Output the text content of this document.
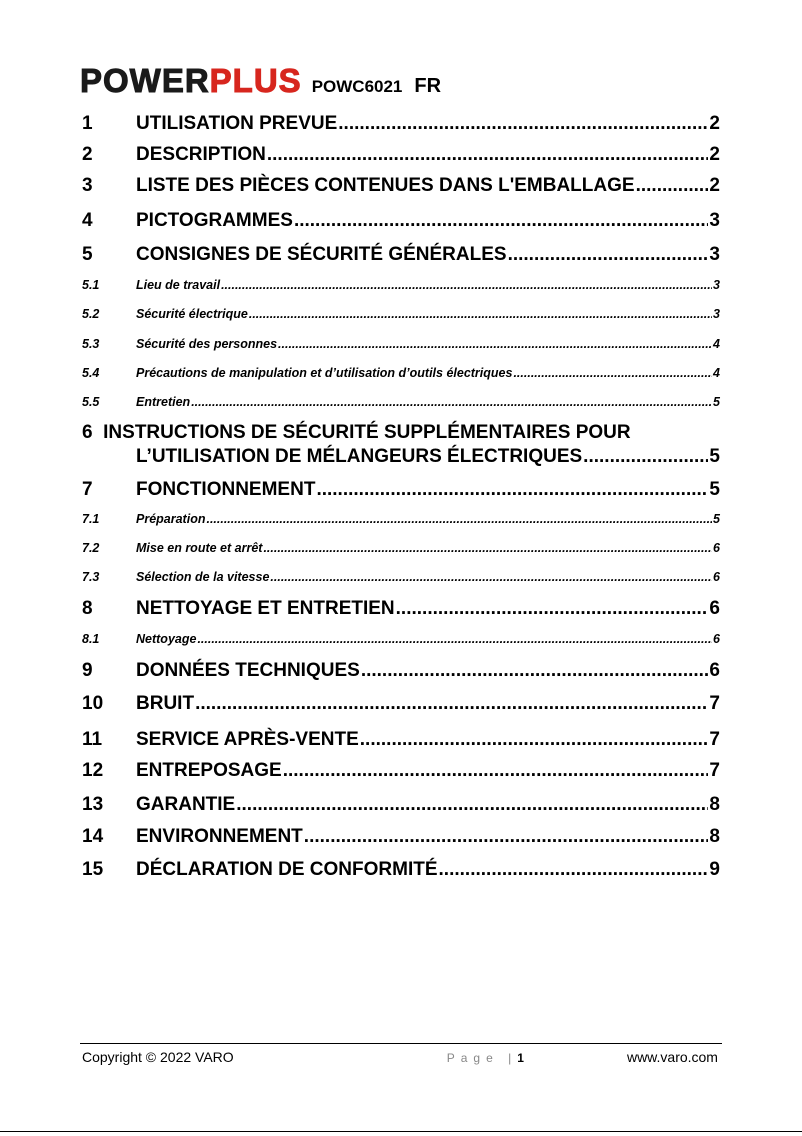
POWER PLUS POWC6021 FR
1	UTILISATION PREVUE .....	2
2	DESCRIPTION .....	2
3	LISTE DES PIÈCES CONTENUES DANS L'EMBALLAGE .....	2
4	PICTOGRAMMES .....	3
5	CONSIGNES DE SÉCURITÉ GÉNÉRALES .....	3
5.1	Lieu de travail .....	3
5.2	Sécurité électrique .....	3
5.3	Sécurité des personnes .....	4
5.4	Précautions de manipulation et d’utilisation d’outils électriques .....	4
5.5	Entretien .....	5
6 INSTRUCTIONS DE SÉCURITÉ SUPPLÉMENTAIRES POUR
L’UTILISATION DE MÉLANGEURS ÉLECTRIQUES .....	5
7	FONCTIONNEMENT .....	5
7.1	Préparation .....	5
7.2	Mise en route et arrêt .....	6
7.3	Sélection de la vitesse .....	6
8	NETTOYAGE ET ENTRETIEN .....	6
8.1	Nettoyage .....	6
9	DONNÉES TECHNIQUES .....	6
10	BRUIT .....	7
11	SERVICE APRÈS-VENTE .....	7
12	ENTREPOSAGE .....	7
13	GARANTIE .....	8
14	ENVIRONNEMENT .....	8
15	DÉCLARATION DE CONFORMITÉ .....	9
Copyright © 2022 VARO	Page |1	www.varo.com
